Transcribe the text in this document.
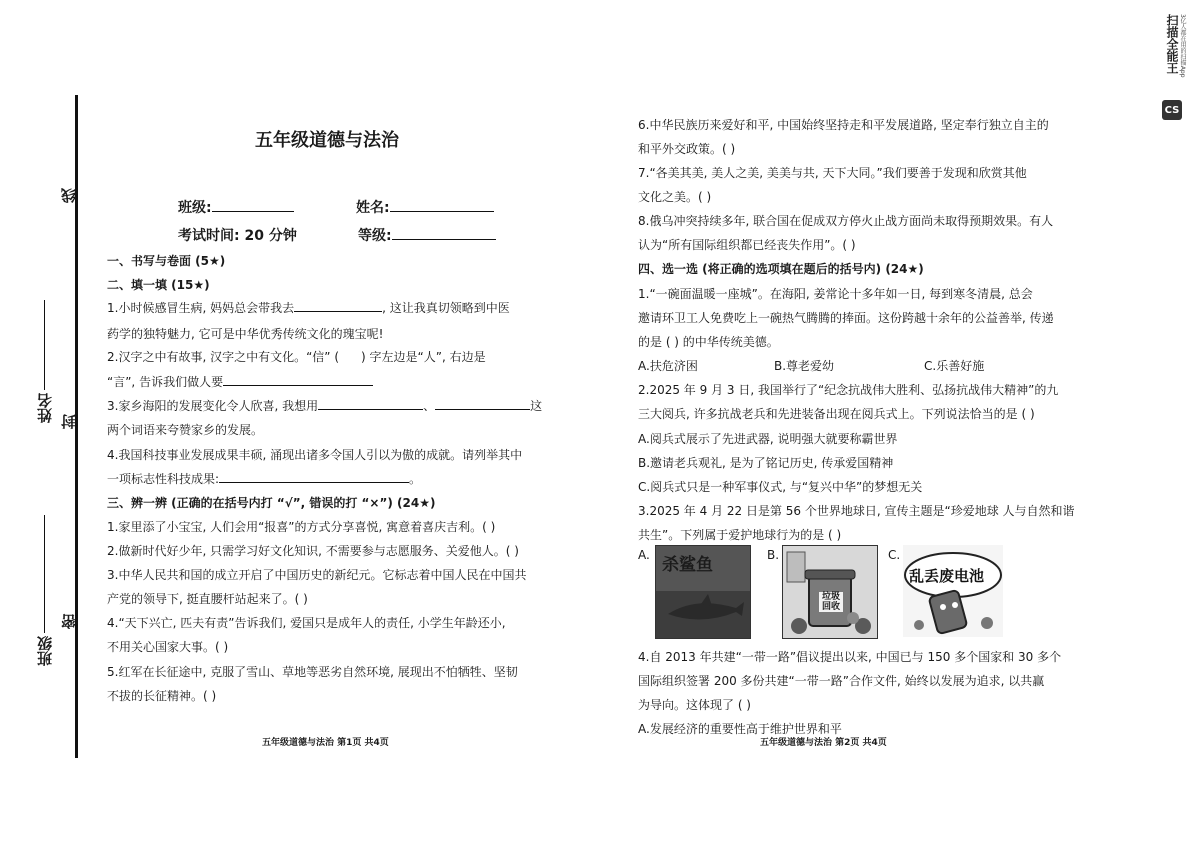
线
姓名 封
班级
密
五年级道德与法治
班级:	姓名:
考试时间: 20 分钟	等级:
一、书写与卷面 (5★)
二、填一填 (15★)
1.小时候感冒生病, 妈妈总会带我去	, 这让我真切领略到中医
药学的独特魅力, 它可是中华优秀传统文化的瑰宝呢!
2.汉字之中有故事, 汉字之中有文化。“信” ( ) 字左边是“人”, 右边是
“言”, 告诉我们做人要
3.家乡海阳的发展变化令人欣喜, 我想用	、	这
两个词语来夸赞家乡的发展。
4.我国科技事业发展成果丰硕, 涌现出诸多令国人引以为傲的成就。请列举其中
一项标志性科技成果:	。
三、辨一辨 (正确的在括号内打 “√”, 错误的打 “×”) (24★)
1.家里添了小宝宝, 人们会用“报喜”的方式分享喜悦, 寓意着喜庆吉利。( )
2.做新时代好少年, 只需学习好文化知识, 不需要参与志愿服务、关爱他人。( )
3.中华人民共和国的成立开启了中国历史的新纪元。它标志着中国人民在中国共
产党的领导下, 挺直腰杆站起来了。( )
4.“天下兴亡, 匹夫有责”告诉我们, 爱国只是成年人的责任, 小学生年龄还小,
不用关心国家大事。( )
5.红军在长征途中, 克服了雪山、草地等恶劣自然环境, 展现出不怕牺牲、坚韧
不拔的长征精神。( )
五年级道德与法治 第1页 共4页
6.中华民族历来爱好和平, 中国始终坚持走和平发展道路, 坚定奉行独立自主的
和平外交政策。( )
7.“各美其美, 美人之美, 美美与共, 天下大同。”我们要善于发现和欣赏其他
文化之美。( )
8.俄乌冲突持续多年, 联合国在促成双方停火止战方面尚未取得预期效果。有人
认为“所有国际组织都已经丧失作用”。( )
四、选一选 (将正确的选项填在题后的括号内) (24★)
1.“一碗面温暖一座城”。在海阳, 姜常论十多年如一日, 每到寒冬清晨, 总会
邀请环卫工人免费吃上一碗热气腾腾的捧面。这份跨越十余年的公益善举, 传递
的是 ( ) 的中华传统美德。
A.扶危济困	B.尊老爱幼	C.乐善好施
2.2025 年 9 月 3 日, 我国举行了“纪念抗战伟大胜利、弘扬抗战伟大精神”的九
三大阅兵, 许多抗战老兵和先进装备出现在阅兵式上。下列说法恰当的是 ( )
A.阅兵式展示了先进武器, 说明强大就要称霸世界
B.邀请老兵观礼, 是为了铭记历史, 传承爱国精神
C.阅兵式只是一种军事仪式, 与“复兴中华”的梦想无关
3.2025 年 4 月 22 日是第 56 个世界地球日, 宣传主题是“珍爱地球 人与自然和谐
共生”。下列属于爱护地球行为的是 ( )
A. 杀鲨鱼	B.
垃圾回收
C.
乱丢废电池
4.自 2013 年共建“一带一路”倡议提出以来, 中国已与 150 多个国家和 30 多个
国际组织签署 200 多份共建“一带一路”合作文件, 始终以发展为追求, 以共赢
为导向。这体现了 ( )
A.发展经济的重要性高于维护世界和平
五年级道德与法治 第2页 共4页
扫描全能王 3亿人都在用的扫描App
CS
